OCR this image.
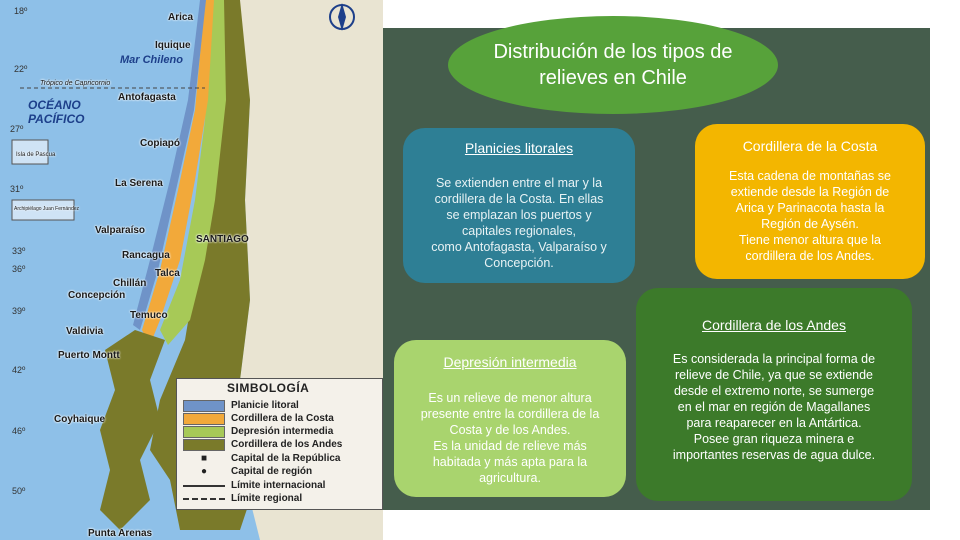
Mar Chileno
OCÉANO
PACÍFICO
Trópico de Capricornio
Isla de Pascua
Archipiélago Juan Fernández
Arica
Iquique
Antofagasta
Copiapó
La Serena
Valparaíso
SANTIAGO
Rancagua
Talca
Chillán
Concepción
Temuco
Valdivia
Puerto Montt
Coyhaique
Punta Arenas
18º
22º
27º
31º
33º
36º
39º
42º
46º
50º
SIMBOLOGÍA
Planicie litoral
Cordillera de la Costa
Depresión intermedia
Cordillera de los Andes
■	Capital de la República
●	Capital de región
Límite internacional
Límite regional
Distribución de los tipos de
relieves en Chile
Planicies litorales
Se extienden entre el mar y la
cordillera de la Costa. En ellas
se emplazan los puertos y
capitales regionales,
como Antofagasta, Valparaíso y
Concepción.
Cordillera de la Costa
Esta cadena de montañas se
extiende desde la Región de
Arica y Parinacota hasta la
Región de Aysén.
Tiene menor altura que la
cordillera de los Andes.
Cordillera de los Andes
Es considerada la principal forma de
relieve de Chile, ya que se extiende
desde el extremo norte, se sumerge
en el mar en región de Magallanes
para reaparecer en la Antártica.
Posee gran riqueza minera e
importantes reservas de agua dulce.
Depresión intermedia
Es un relieve de menor altura
presente entre la cordillera de la
Costa y de los Andes.
Es la unidad de relieve más
habitada y más apta para la
agricultura.
